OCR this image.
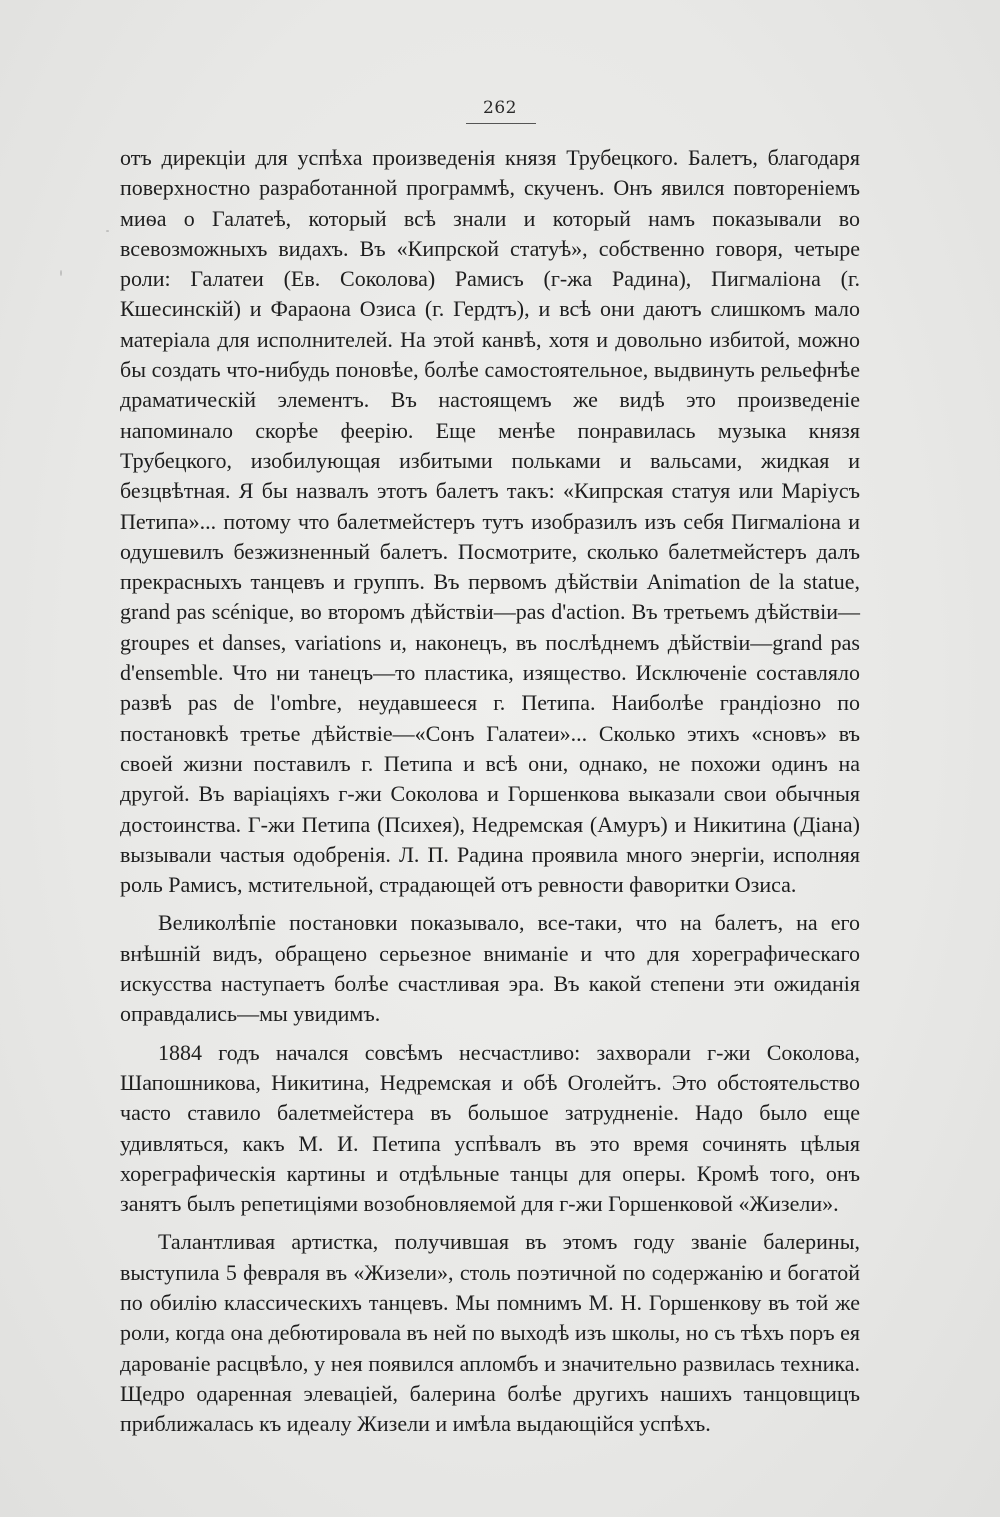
262

отъ дирекціи для успѣха произведенія князя Трубецкого. Балетъ, благодаря поверхностно разработанной программѣ, скученъ. Онъ явился повтореніемъ миѳа о Галатеѣ, который всѣ знали и который намъ показывали во всевозможныхъ видахъ. Въ «Кипрской статуѣ», собственно говоря, четыре роли: Галатеи (Ев. Соколова) Рамисъ (г-жа Радина), Пигмаліона (г. Кшесинскій) и Фараона Озиса (г. Гердтъ), и всѣ они даютъ слишкомъ мало матеріала для исполнителей. На этой канвѣ, хотя и довольно избитой, можно бы создать что-нибудь поновѣе, болѣе самостоятельное, выдвинуть рельефнѣе драматическій элементъ. Въ настоящемъ же видѣ это произведеніе напоминало скорѣе феерію. Еще менѣе понравилась музыка князя Трубецкого, изобилующая избитыми польками и вальсами, жидкая и безцвѣтная. Я бы назвалъ этотъ балетъ такъ: «Кипрская статуя или Маріусъ Петипа»... потому что балетмейстеръ тутъ изобразилъ изъ себя Пигмаліона и одушевилъ безжизненный балетъ. Посмотрите, сколько балетмейстеръ далъ прекрасныхъ танцевъ и группъ. Въ первомъ дѣйствіи Animation de la statue, grand pas scénique, во второмъ дѣйствіи—pas d'action. Въ третьемъ дѣйствіи—groupes et danses, variations и, наконецъ, въ послѣднемъ дѣйствіи—grand pas d'ensemble. Что ни танецъ—то пластика, изящество. Исключеніе составляло развѣ pas de l'ombre, неудавшееся г. Петипа. Наиболѣе грандіозно по постановкѣ третье дѣйствіе—«Сонъ Галатеи»... Сколько этихъ «сновъ» въ своей жизни поставилъ г. Петипа и всѣ они, однако, не похожи одинъ на другой. Въ варіаціяхъ г-жи Соколова и Горшенкова выказали свои обычныя достоинства. Г-жи Петипа (Психея), Недремская (Амуръ) и Никитина (Діана) вызывали частыя одобренія. Л. П. Радина проявила много энергіи, исполняя роль Рамисъ, мстительной, страдающей отъ ревности фаворитки Озиса.

Великолѣпіе постановки показывало, все-таки, что на балетъ, на его внѣшній видъ, обращено серьезное вниманіе и что для хореграфическаго искусства наступаетъ болѣе счастливая эра. Въ какой степени эти ожиданія оправдались—мы увидимъ.

1884 годъ начался совсѣмъ несчастливо: захворали г-жи Соколова, Шапошникова, Никитина, Недремская и обѣ Оголейтъ. Это обстоятельство часто ставило балетмейстера въ большое затрудненіе. Надо было еще удивляться, какъ М. И. Петипа успѣвалъ въ это время сочинять цѣлыя хореграфическія картины и отдѣльные танцы для оперы. Кромѣ того, онъ занятъ былъ репетиціями возобновляемой для г-жи Горшенковой «Жизели».

Талантливая артистка, получившая въ этомъ году званіе балерины, выступила 5 февраля въ «Жизели», столь поэтичной по содержанію и богатой по обилію классическихъ танцевъ. Мы помнимъ М. Н. Горшенкову въ той же роли, когда она дебютировала въ ней по выходѣ изъ школы, но съ тѣхъ поръ ея дарованіе расцвѣло, у нея появился апломбъ и значительно развилась техника. Щедро одаренная элевацiей, балерина болѣе другихъ нашихъ танцовщицъ приближалась къ идеалу Жизели и имѣла выдающійся успѣхъ.
